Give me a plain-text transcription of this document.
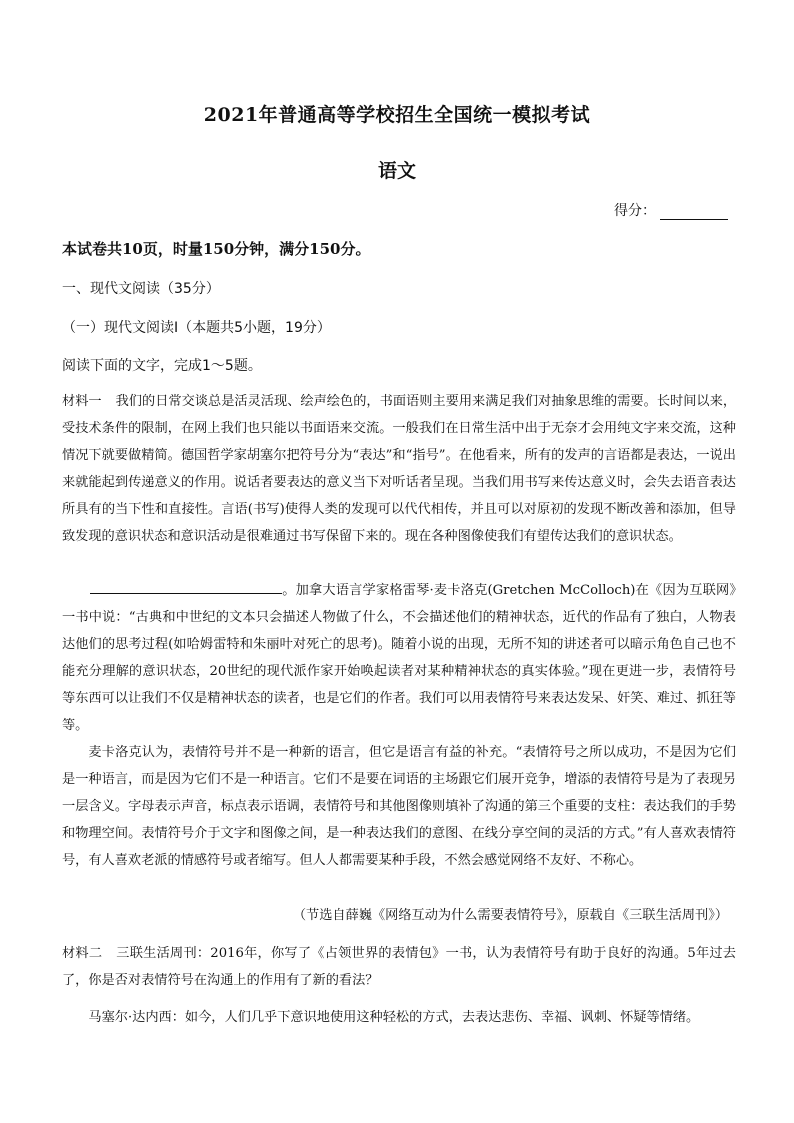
2021年普通高等学校招生全国统一模拟考试
语文
得分：
本试卷共10页，时量150分钟，满分150分。
一、现代文阅读（35分）
（一）现代文阅读Ⅰ（本题共5小题，19分）
阅读下面的文字，完成1～5题。

材料一 我们的日常交谈总是活灵活现、绘声绘色的，书面语则主要用来满足我们对抽象思维的需要。长时间以来，受技术条件的限制，在网上我们也只能以书面语来交流。一般我们在日常生活中出于无奈才会用纯文字来交流，这种情况下就要做精简。德国哲学家胡塞尔把符号分为“表达”和“指号”。在他看来，所有的发声的言语都是表达，一说出来就能起到传递意义的作用。说话者要表达的意义当下对听话者呈现。当我们用书写来传达意义时，会失去语音表达所具有的当下性和直接性。言语(书写)使得人类的发现可以代代相传，并且可以对原初的发现不断改善和添加，但导致发现的意识状态和意识活动是很难通过书写保留下来的。现在各种图像使我们有望传达我们的意识状态。

。加拿大语言学家格雷琴·麦卡洛克(Gretchen McColloch)在《因为互联网》一书中说：“古典和中世纪的文本只会描述人物做了什么，不会描述他们的精神状态，近代的作品有了独白，人物表达他们的思考过程(如哈姆雷特和朱丽叶对死亡的思考)。随着小说的出现，无所不知的讲述者可以暗示角色自己也不能充分理解的意识状态，20世纪的现代派作家开始唤起读者对某种精神状态的真实体验。”现在更进一步，表情符号等东西可以让我们不仅是精神状态的读者，也是它们的作者。我们可以用表情符号来表达发呆、奸笑、难过、抓狂等等。

麦卡洛克认为，表情符号并不是一种新的语言，但它是语言有益的补充。“表情符号之所以成功，不是因为它们是一种语言，而是因为它们不是一种语言。它们不是要在词语的主场跟它们展开竞争，增添的表情符号是为了表现另一层含义。字母表示声音，标点表示语调，表情符号和其他图像则填补了沟通的第三个重要的支柱：表达我们的手势和物理空间。表情符号介于文字和图像之间，是一种表达我们的意图、在线分享空间的灵活的方式。”有人喜欢表情符号，有人喜欢老派的情感符号或者缩写。但人人都需要某种手段，不然会感觉网络不友好、不称心。

（节选自薛巍《网络互动为什么需要表情符号》，原载自《三联生活周刊》）

材料二 三联生活周刊：2016年，你写了《占领世界的表情包》一书，认为表情符号有助于良好的沟通。5年过去了，你是否对表情符号在沟通上的作用有了新的看法？

马塞尔·达内西：如今，人们几乎下意识地使用这种轻松的方式，去表达悲伤、幸福、讽刺、怀疑等情绪。
